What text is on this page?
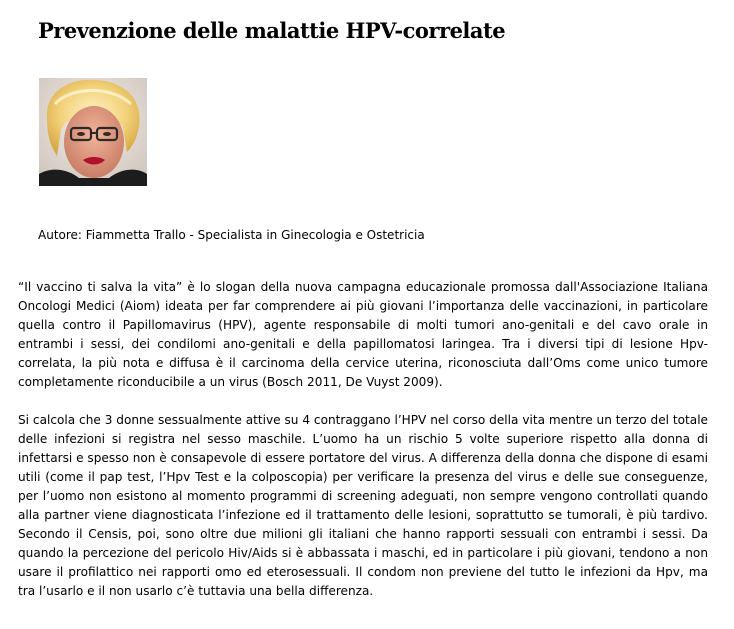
Prevenzione delle malattie HPV-correlate
Autore: Fiammetta Trallo - Specialista in Ginecologia e Ostetricia

“Il vaccino ti salva la vita” è lo slogan della nuova campagna educazionale promossa dall'Associazione Italiana Oncologi Medici (Aiom) ideata per far comprendere ai più giovani l’importanza delle vaccinazioni, in particolare quella contro il Papillomavirus (HPV), agente responsabile di molti tumori ano-genitali e del cavo orale in entrambi i sessi, dei condilomi ano-genitali e della papillomatosi laringea. Tra i diversi tipi di lesione Hpv-correlata, la più nota e diffusa è il carcinoma della cervice uterina, riconosciuta dall’Oms come unico tumore completamente riconducibile a un virus (Bosch 2011, De Vuyst 2009).

Si calcola che 3 donne sessualmente attive su 4 contraggano l’HPV nel corso della vita mentre un terzo del totale delle infezioni si registra nel sesso maschile. L’uomo ha un rischio 5 volte superiore rispetto alla donna di infettarsi e spesso non è consapevole di essere portatore del virus. A differenza della donna che dispone di esami utili (come il pap test, l’Hpv Test e la colposcopia) per verificare la presenza del virus e delle sue conseguenze, per l’uomo non esistono al momento programmi di screening adeguati, non sempre vengono controllati quando alla partner viene diagnosticata l’infezione ed il trattamento delle lesioni, soprattutto se tumorali, è più tardivo. Secondo il Censis, poi, sono oltre due milioni gli italiani che hanno rapporti sessuali con entrambi i sessi. Da quando la percezione del pericolo Hiv/Aids si è abbassata i maschi, ed in particolare i più giovani, tendono a non usare il profilattico nei rapporti omo ed eterosessuali. Il condom non previene del tutto le infezioni da Hpv, ma tra l’usarlo e il non usarlo c’è tuttavia una bella differenza.
